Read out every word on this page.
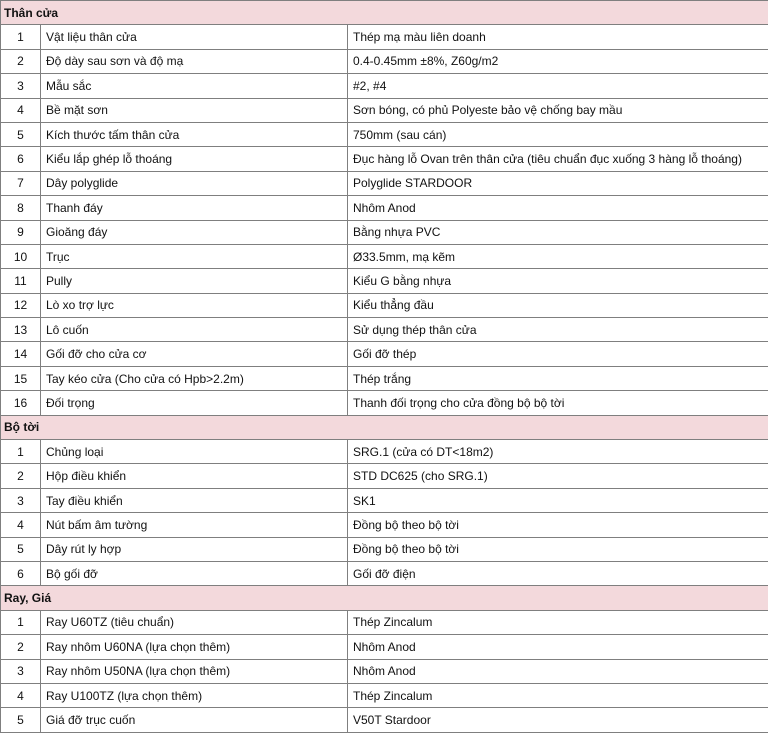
Thân cửa		
1	Vật liệu thân cửa	Thép mạ màu liên doanh
2	Độ dày sau sơn và độ mạ	0.4-0.45mm ±8%, Z60g/m2
3	Mẫu sắc	#2, #4
4	Bề mặt sơn	Sơn bóng, có phủ Polyeste bảo vệ chống bay mầu
5	Kích thước tấm thân cửa	750mm (sau cán)
6	Kiểu lắp ghép lỗ thoáng	Đục hàng lỗ Ovan trên thân cửa (tiêu chuẩn đục xuống 3 hàng lỗ thoáng)
7	Dây polyglide	Polyglide STARDOOR
8	Thanh đáy	Nhôm Anod
9	Gioăng đáy	Bằng nhựa PVC
10	Trục	Ø33.5mm, mạ kẽm
11	Pully	Kiểu G bằng nhựa
12	Lò xo trợ lực	Kiểu thẳng đầu
13	Lô cuốn	Sử dụng thép thân cửa
14	Gối đỡ cho cửa cơ	Gối đỡ thép
15	Tay kéo cửa (Cho cửa có Hpb>2.2m)	Thép trắng
16	Đối trọng	Thanh đối trọng cho cửa đồng bộ bộ tời
Bộ tời		
1	Chủng loại	SRG.1 (cửa có DT<18m2)
2	Hộp điều khiển	STD DC625 (cho SRG.1)
3	Tay điều khiển	SK1
4	Nút bấm âm tường	Đồng bộ theo bộ tời
5	Dây rút ly hợp	Đồng bộ theo bộ tời
6	Bộ gối đỡ	Gối đỡ điện
Ray, Giá		
1	Ray U60TZ (tiêu chuẩn)	Thép Zincalum
2	Ray nhôm U60NA (lựa chọn thêm)	Nhôm Anod
3	Ray nhôm U50NA (lựa chọn thêm)	Nhôm Anod
4	Ray U100TZ (lựa chọn thêm)	Thép Zincalum
5	Giá đỡ trục cuốn	V50T Stardoor
